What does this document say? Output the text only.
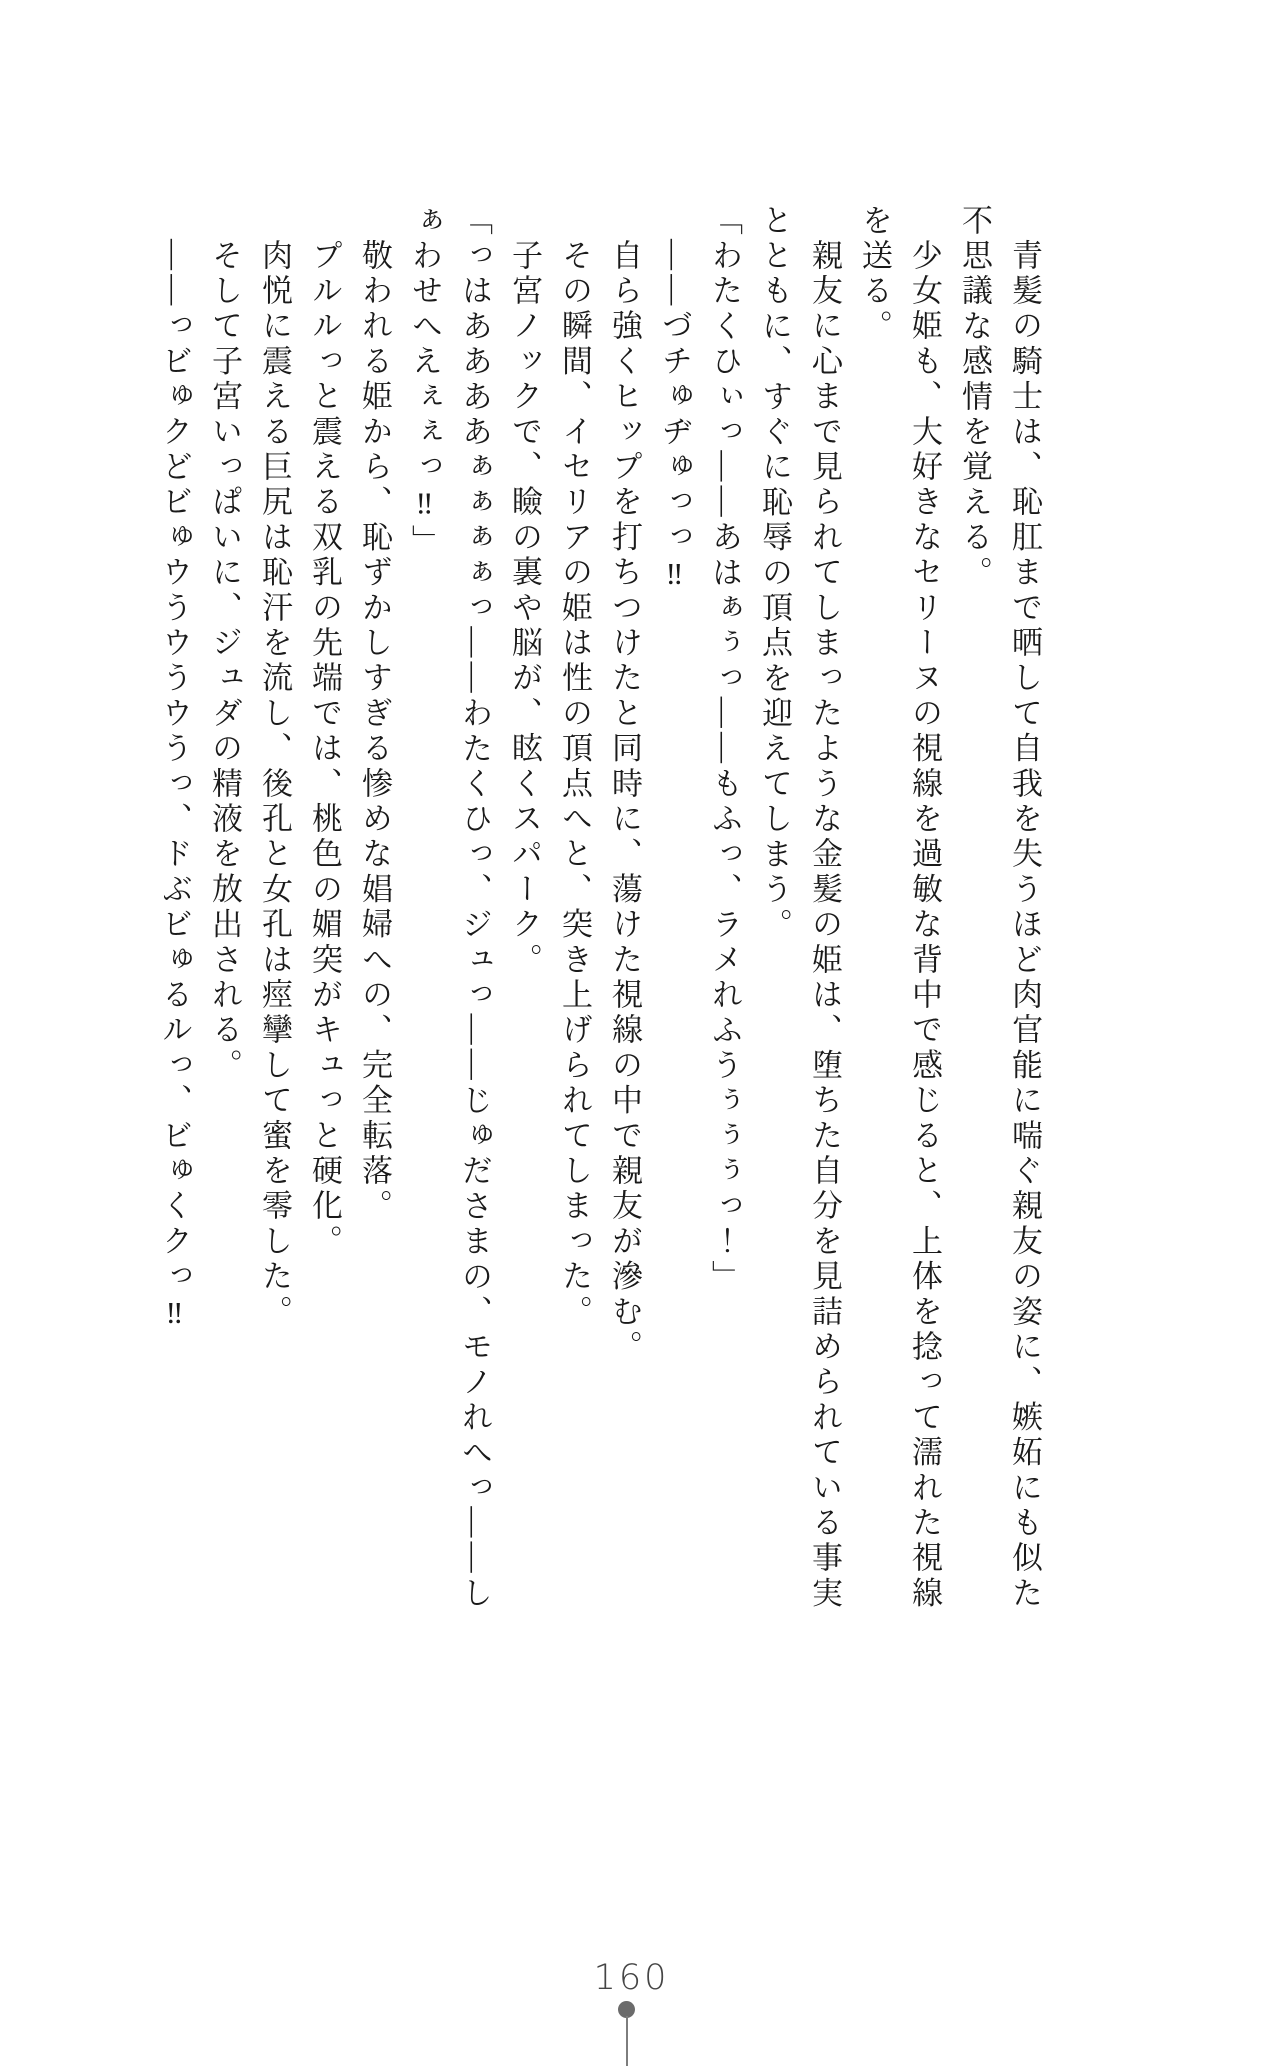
青髪の騎士は、恥肛まで晒して自我を失うほど肉官能に喘ぐ親友の姿に、嫉妬にも似た

不思議な感情を覚える。

少女姫も、大好きなセリーヌの視線を過敏な背中で感じると、上体を捻って濡れた視線

を送る。

親友に心まで見られてしまったような金髪の姫は、堕ちた自分を見詰められている事実

とともに、すぐに恥辱の頂点を迎えてしまう。

「わたくひぃっ――あはぁぅっ――もふっ、ラメれふうぅぅぅっ！」

――づチゅヂゅっっ‼

自ら強くヒップを打ちつけたと同時に、蕩けた視線の中で親友が滲む。

その瞬間、イセリアの姫は性の頂点へと、突き上げられてしまった。

子宮ノックで、瞼の裏や脳が、眩くスパーク。

「っはああああぁぁぁぁっ――わたくひっ、ジュっ――じゅださまの、モノれへっ――し

ぁわせへえぇぇっ‼」

敬われる姫から、恥ずかしすぎる惨めな娼婦への、完全転落。

プルルっと震える双乳の先端では、桃色の媚突がキュっと硬化。

肉悦に震える巨尻は恥汗を流し、後孔と女孔は痙攣して蜜を零した。

そして子宮いっぱいに、ジュダの精液を放出される。

――っビゅクどビゅウうウうウうっ、ドぶビゅるルっ、ビゅくクっ‼

160
